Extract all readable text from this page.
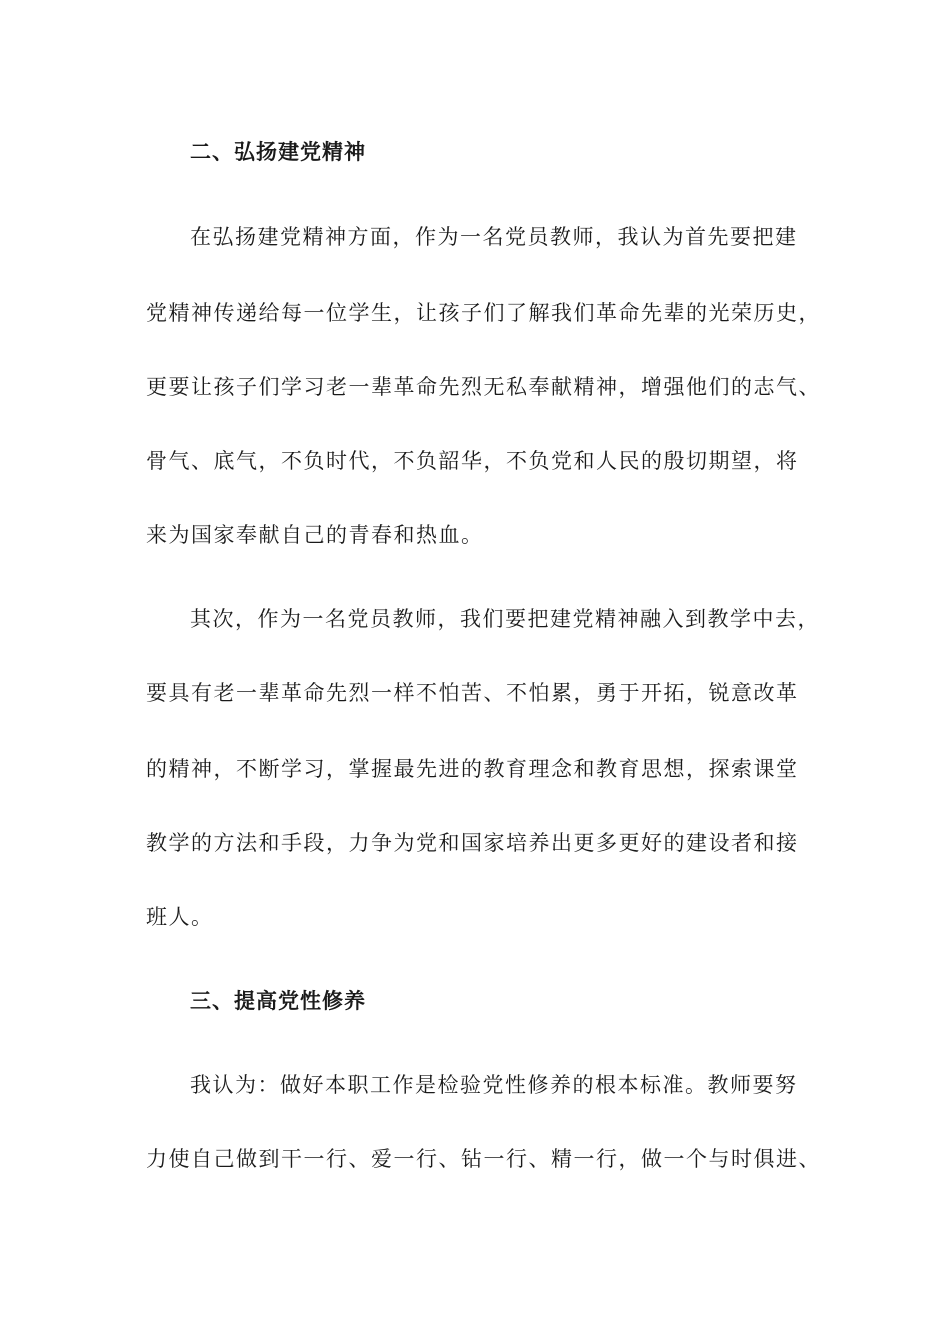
二、弘扬建党精神
在弘扬建党精神方面，作为一名党员教师，我认为首先要把建
党精神传递给每一位学生，让孩子们了解我们革命先辈的光荣历史，
更要让孩子们学习老一辈革命先烈无私奉献精神，增强他们的志气、
骨气、底气，不负时代，不负韶华，不负党和人民的殷切期望，将
来为国家奉献自己的青春和热血。
其次，作为一名党员教师，我们要把建党精神融入到教学中去，
要具有老一辈革命先烈一样不怕苦、不怕累，勇于开拓，锐意改革
的精神，不断学习，掌握最先进的教育理念和教育思想，探索课堂
教学的方法和手段，力争为党和国家培养出更多更好的建设者和接
班人。
三、提高党性修养
我认为：做好本职工作是检验党性修养的根本标准。教师要努
力使自己做到干一行、爱一行、钻一行、精一行，做一个与时俱进、
